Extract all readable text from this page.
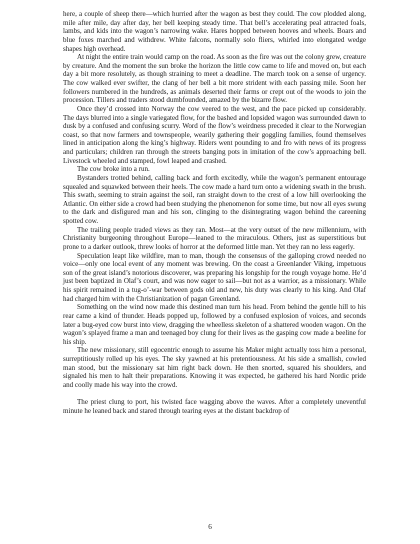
here, a couple of sheep there—which hurried after the wagon as best they could. The cow plodded along, mile after mile, day after day, her bell keeping steady time. That bell’s accelerating peal attracted foals, lambs, and kids into the wagon’s narrowing wake. Hares hopped between hooves and wheels. Boars and blue foxes marched and withdrew. White falcons, normally solo fliers, whirled into elongated wedge shapes high overhead.

At night the entire train would camp on the road. As soon as the fire was out the colony grew, creature by creature. And the moment the sun broke the horizon the little cow came to life and moved on, but each day a bit more resolutely, as though straining to meet a deadline. The march took on a sense of urgency. The cow walked ever swifter, the clang of her bell a bit more strident with each passing mile. Soon her followers numbered in the hundreds, as animals deserted their farms or crept out of the woods to join the procession. Tillers and traders stood dumbfounded, amazed by the bizarre flow.

Once they’d crossed into Norway the cow veered to the west, and the pace picked up considerably. The days blurred into a single variegated flow, for the bashed and lopsided wagon was surrounded dawn to dusk by a confused and confusing scurry. Word of the flow’s weirdness preceded it clear to the Norwegian coast, so that now farmers and townspeople, wearily gathering their goggling families, found themselves lined in anticipation along the king’s highway. Riders went pounding to and fro with news of its progress and particulars; children ran through the streets banging pots in imitation of the cow’s approaching bell. Livestock wheeled and stamped, fowl leaped and crashed.

The cow broke into a run.

Bystanders trotted behind, calling back and forth excitedly, while the wagon’s permanent entourage squealed and squawked between their heels. The cow made a hard turn onto a widening swath in the brush. This swath, seeming to strain against the soil, ran straight down to the crest of a low hill overlooking the Atlantic. On either side a crowd had been studying the phenomenon for some time, but now all eyes swung to the dark and disfigured man and his son, clinging to the disintegrating wagon behind the careening spotted cow.

The trailing people traded views as they ran. Most—at the very outset of the new millennium, with Christianity burgeoning throughout Europe—leaned to the miraculous. Others, just as superstitious but prone to a darker outlook, threw looks of horror at the deformed little man. Yet they ran no less eagerly.

Speculation leapt like wildfire, man to man, though the consensus of the galloping crowd needed no voice—only one local event of any moment was brewing. On the coast a Greenlander Viking, impetuous son of the great island’s notorious discoverer, was preparing his longship for the rough voyage home. He’d just been baptized in Olaf’s court, and was now eager to sail—but not as a warrior, as a missionary. While his spirit remained in a tug-o’-war between gods old and new, his duty was clearly to his king. And Olaf had charged him with the Christianization of pagan Greenland.

Something on the wind now made this destined man turn his head. From behind the gentle hill to his rear came a kind of thunder. Heads popped up, followed by a confused explosion of voices, and seconds later a bug-eyed cow burst into view, dragging the wheelless skeleton of a shattered wooden wagon. On the wagon’s splayed frame a man and teenaged boy clung for their lives as the gasping cow made a beeline for his ship.

The new missionary, still egocentric enough to assume his Maker might actually toss him a personal, surreptitiously rolled up his eyes. The sky yawned at his pretentiousness. At his side a smallish, cowled man stood, but the missionary sat him right back down. He then snorted, squared his shoulders, and signaled his men to halt their preparations. Knowing it was expected, he gathered his hard Nordic pride and coolly made his way into the crowd.

The priest clung to port, his twisted face wagging above the waves. After a completely uneventful minute he leaned back and stared through tearing eyes at the distant backdrop of

6
